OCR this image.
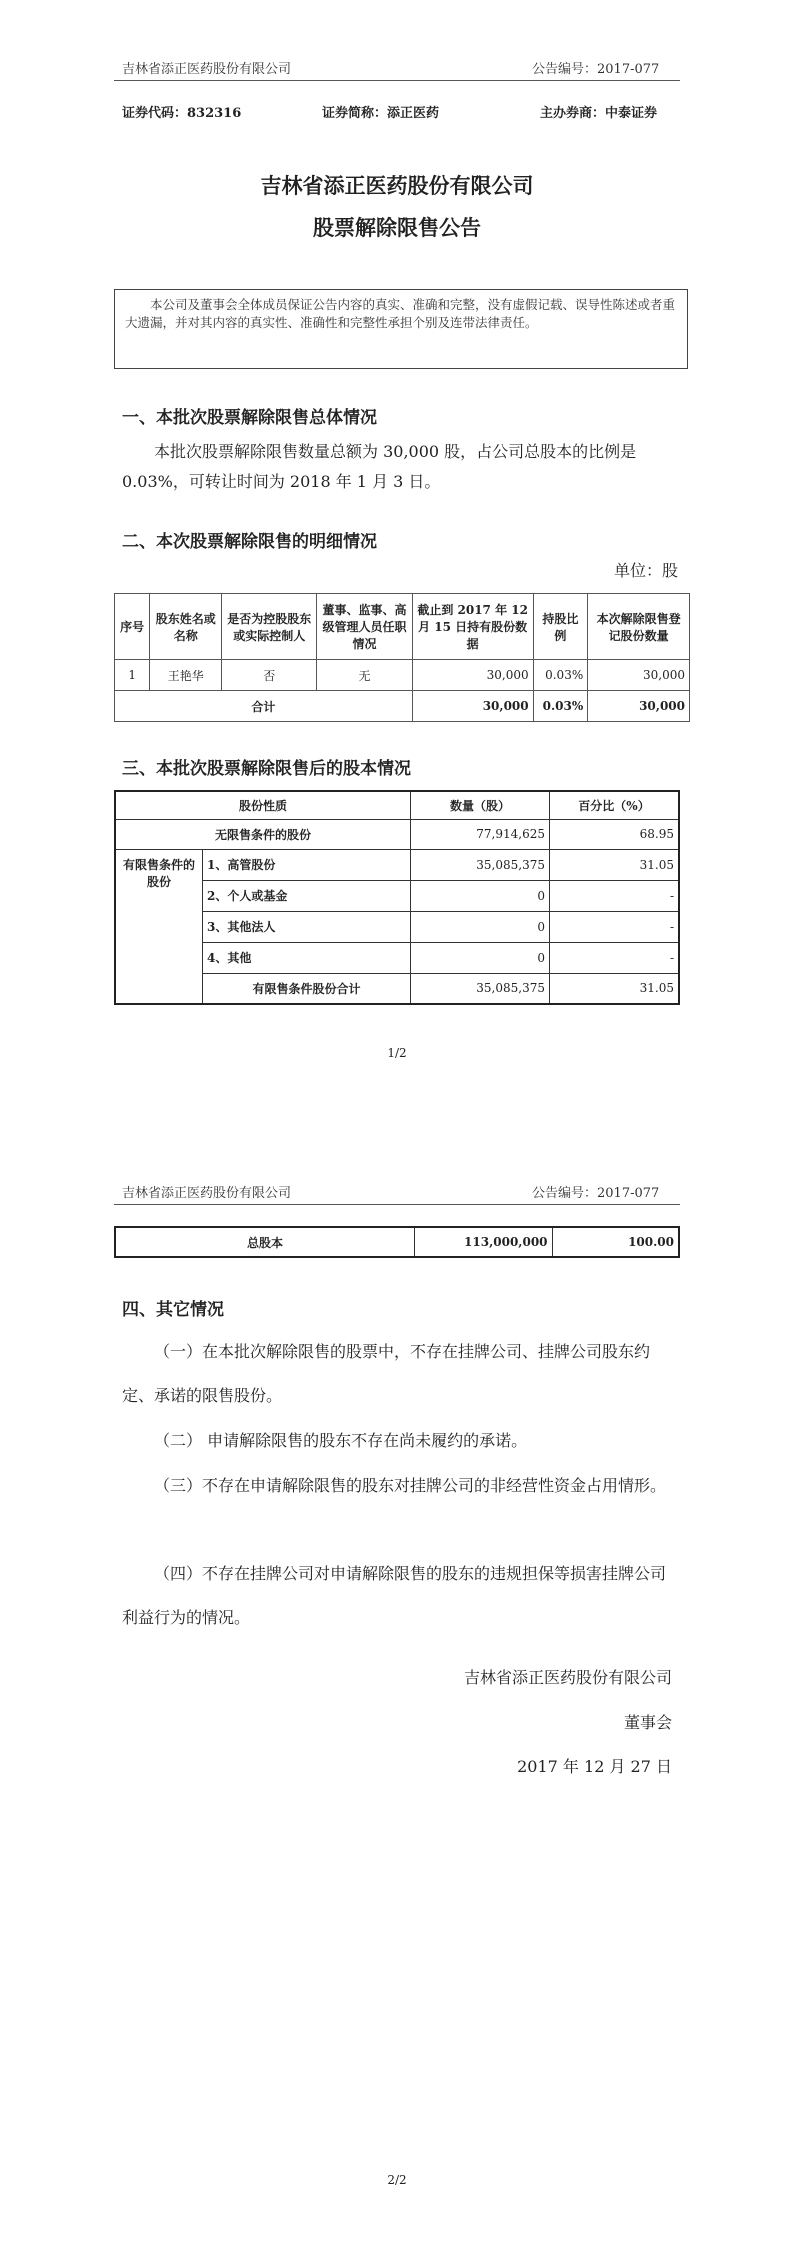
吉林省添正医药股份有限公司	公告编号：2017-077
证券代码：832316	证券简称：添正医药	主办券商：中泰证券
吉林省添正医药股份有限公司
股票解除限售公告
本公司及董事会全体成员保证公告内容的真实、准确和完整，没有虚假记载、误导性陈述或者重大遗漏，并对其内容的真实性、准确性和完整性承担个别及连带法律责任。
一、本批次股票解除限售总体情况
本批次股票解除限售数量总额为 30,000 股，占公司总股本的比例是 0.03%，可转让时间为 2018 年 1 月 3 日。
二、本次股票解除限售的明细情况
单位：股
序号	股东姓名或名称	是否为控股股东或实际控制人	董事、监事、高级管理人员任职情况	截止到 2017 年 12 月 15 日持有股份数据	持股比例	本次解除限售登记股份数量
1	王艳华	否	无	30,000	0.03%	30,000
合计				30,000	0.03%	30,000
三、本批次股票解除限售后的股本情况
股份性质		数量（股）	百分比（%）
无限售条件的股份		77,914,625	68.95
有限售条件的股份	1、高管股份	35,085,375	31.05
	2、个人或基金	0	-
	3、其他法人	0	-
	4、其他	0	-
	有限售条件股份合计	35,085,375	31.05
1/2
吉林省添正医药股份有限公司	公告编号：2017-077
总股本	113,000,000	100.00
四、其它情况
（一）在本批次解除限售的股票中，不存在挂牌公司、挂牌公司股东约定、承诺的限售股份。
（二） 申请解除限售的股东不存在尚未履约的承诺。
（三）不存在申请解除限售的股东对挂牌公司的非经营性资金占用情形。
（四）不存在挂牌公司对申请解除限售的股东的违规担保等损害挂牌公司利益行为的情况。
吉林省添正医药股份有限公司
董事会
2017 年 12 月 27 日
2/2
